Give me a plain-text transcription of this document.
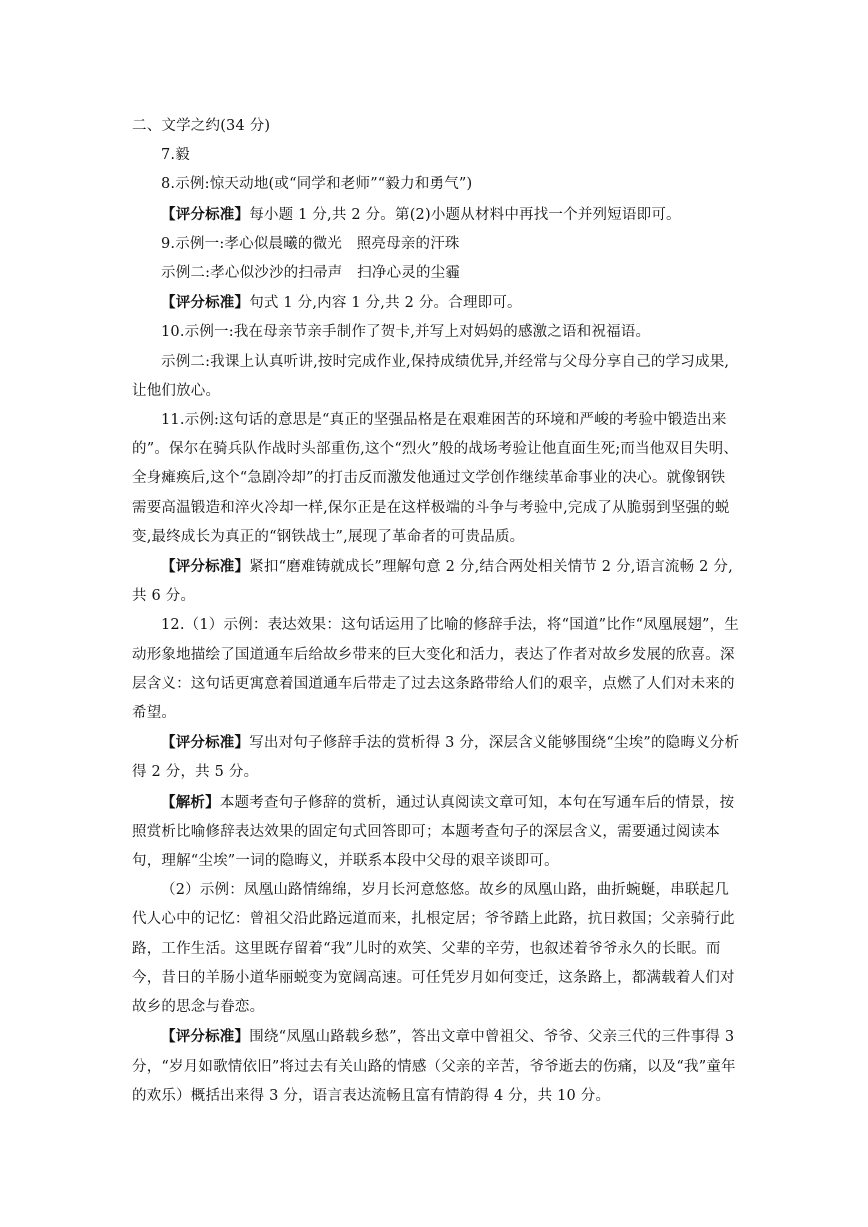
二、文学之约(34 分)

7.毅

8.示例:惊天动地(或“同学和老师”“毅力和勇气”)

【评分标准】每小题 1 分,共 2 分。第(2)小题从材料中再找一个并列短语即可。

9.示例一:孝心似晨曦的微光　照亮母亲的汗珠

示例二:孝心似沙沙的扫帚声　扫净心灵的尘霾

【评分标准】句式 1 分,内容 1 分,共 2 分。合理即可。

10.示例一:我在母亲节亲手制作了贺卡,并写上对妈妈的感激之语和祝福语。

示例二:我课上认真听讲,按时完成作业,保持成绩优异,并经常与父母分享自己的学习成果,让他们放心。

11.示例:这句话的意思是“真正的坚强品格是在艰难困苦的环境和严峻的考验中锻造出来的”。保尔在骑兵队作战时头部重伤,这个“烈火”般的战场考验让他直面生死;而当他双目失明、全身瘫痪后,这个“急剧冷却”的打击反而激发他通过文学创作继续革命事业的决心。就像钢铁需要高温锻造和淬火冷却一样,保尔正是在这样极端的斗争与考验中,完成了从脆弱到坚强的蜕变,最终成长为真正的“钢铁战士”,展现了革命者的可贵品质。

【评分标准】紧扣“磨难铸就成长”理解句意 2 分,结合两处相关情节 2 分,语言流畅 2 分,共 6 分。

12.（1）示例：表达效果：这句话运用了比喻的修辞手法，将“国道”比作“凤凰展翅”，生动形象地描绘了国道通车后给故乡带来的巨大变化和活力，表达了作者对故乡发展的欣喜。深层含义：这句话更寓意着国道通车后带走了过去这条路带给人们的艰辛，点燃了人们对未来的希望。

【评分标准】写出对句子修辞手法的赏析得 3 分，深层含义能够围绕“尘埃”的隐晦义分析得 2 分，共 5 分。

【解析】本题考查句子修辞的赏析，通过认真阅读文章可知，本句在写通车后的情景，按照赏析比喻修辞表达效果的固定句式回答即可；本题考查句子的深层含义，需要通过阅读本句，理解“尘埃”一词的隐晦义，并联系本段中父母的艰辛谈即可。

（2）示例：凤凰山路情绵绵，岁月长河意悠悠。故乡的凤凰山路，曲折蜿蜒，串联起几代人心中的记忆：曾祖父沿此路远道而来，扎根定居；爷爷踏上此路，抗日救国；父亲骑行此路，工作生活。这里既存留着“我”儿时的欢笑、父辈的辛劳，也叙述着爷爷永久的长眠。而今，昔日的羊肠小道华丽蜕变为宽阔高速。可任凭岁月如何变迁，这条路上，都满载着人们对故乡的思念与眷恋。

【评分标准】围绕“凤凰山路载乡愁”，答出文章中曾祖父、爷爷、父亲三代的三件事得 3 分，“岁月如歌情依旧”将过去有关山路的情感（父亲的辛苦，爷爷逝去的伤痛，以及“我”童年的欢乐）概括出来得 3 分，语言表达流畅且富有情韵得 4 分，共 10 分。
